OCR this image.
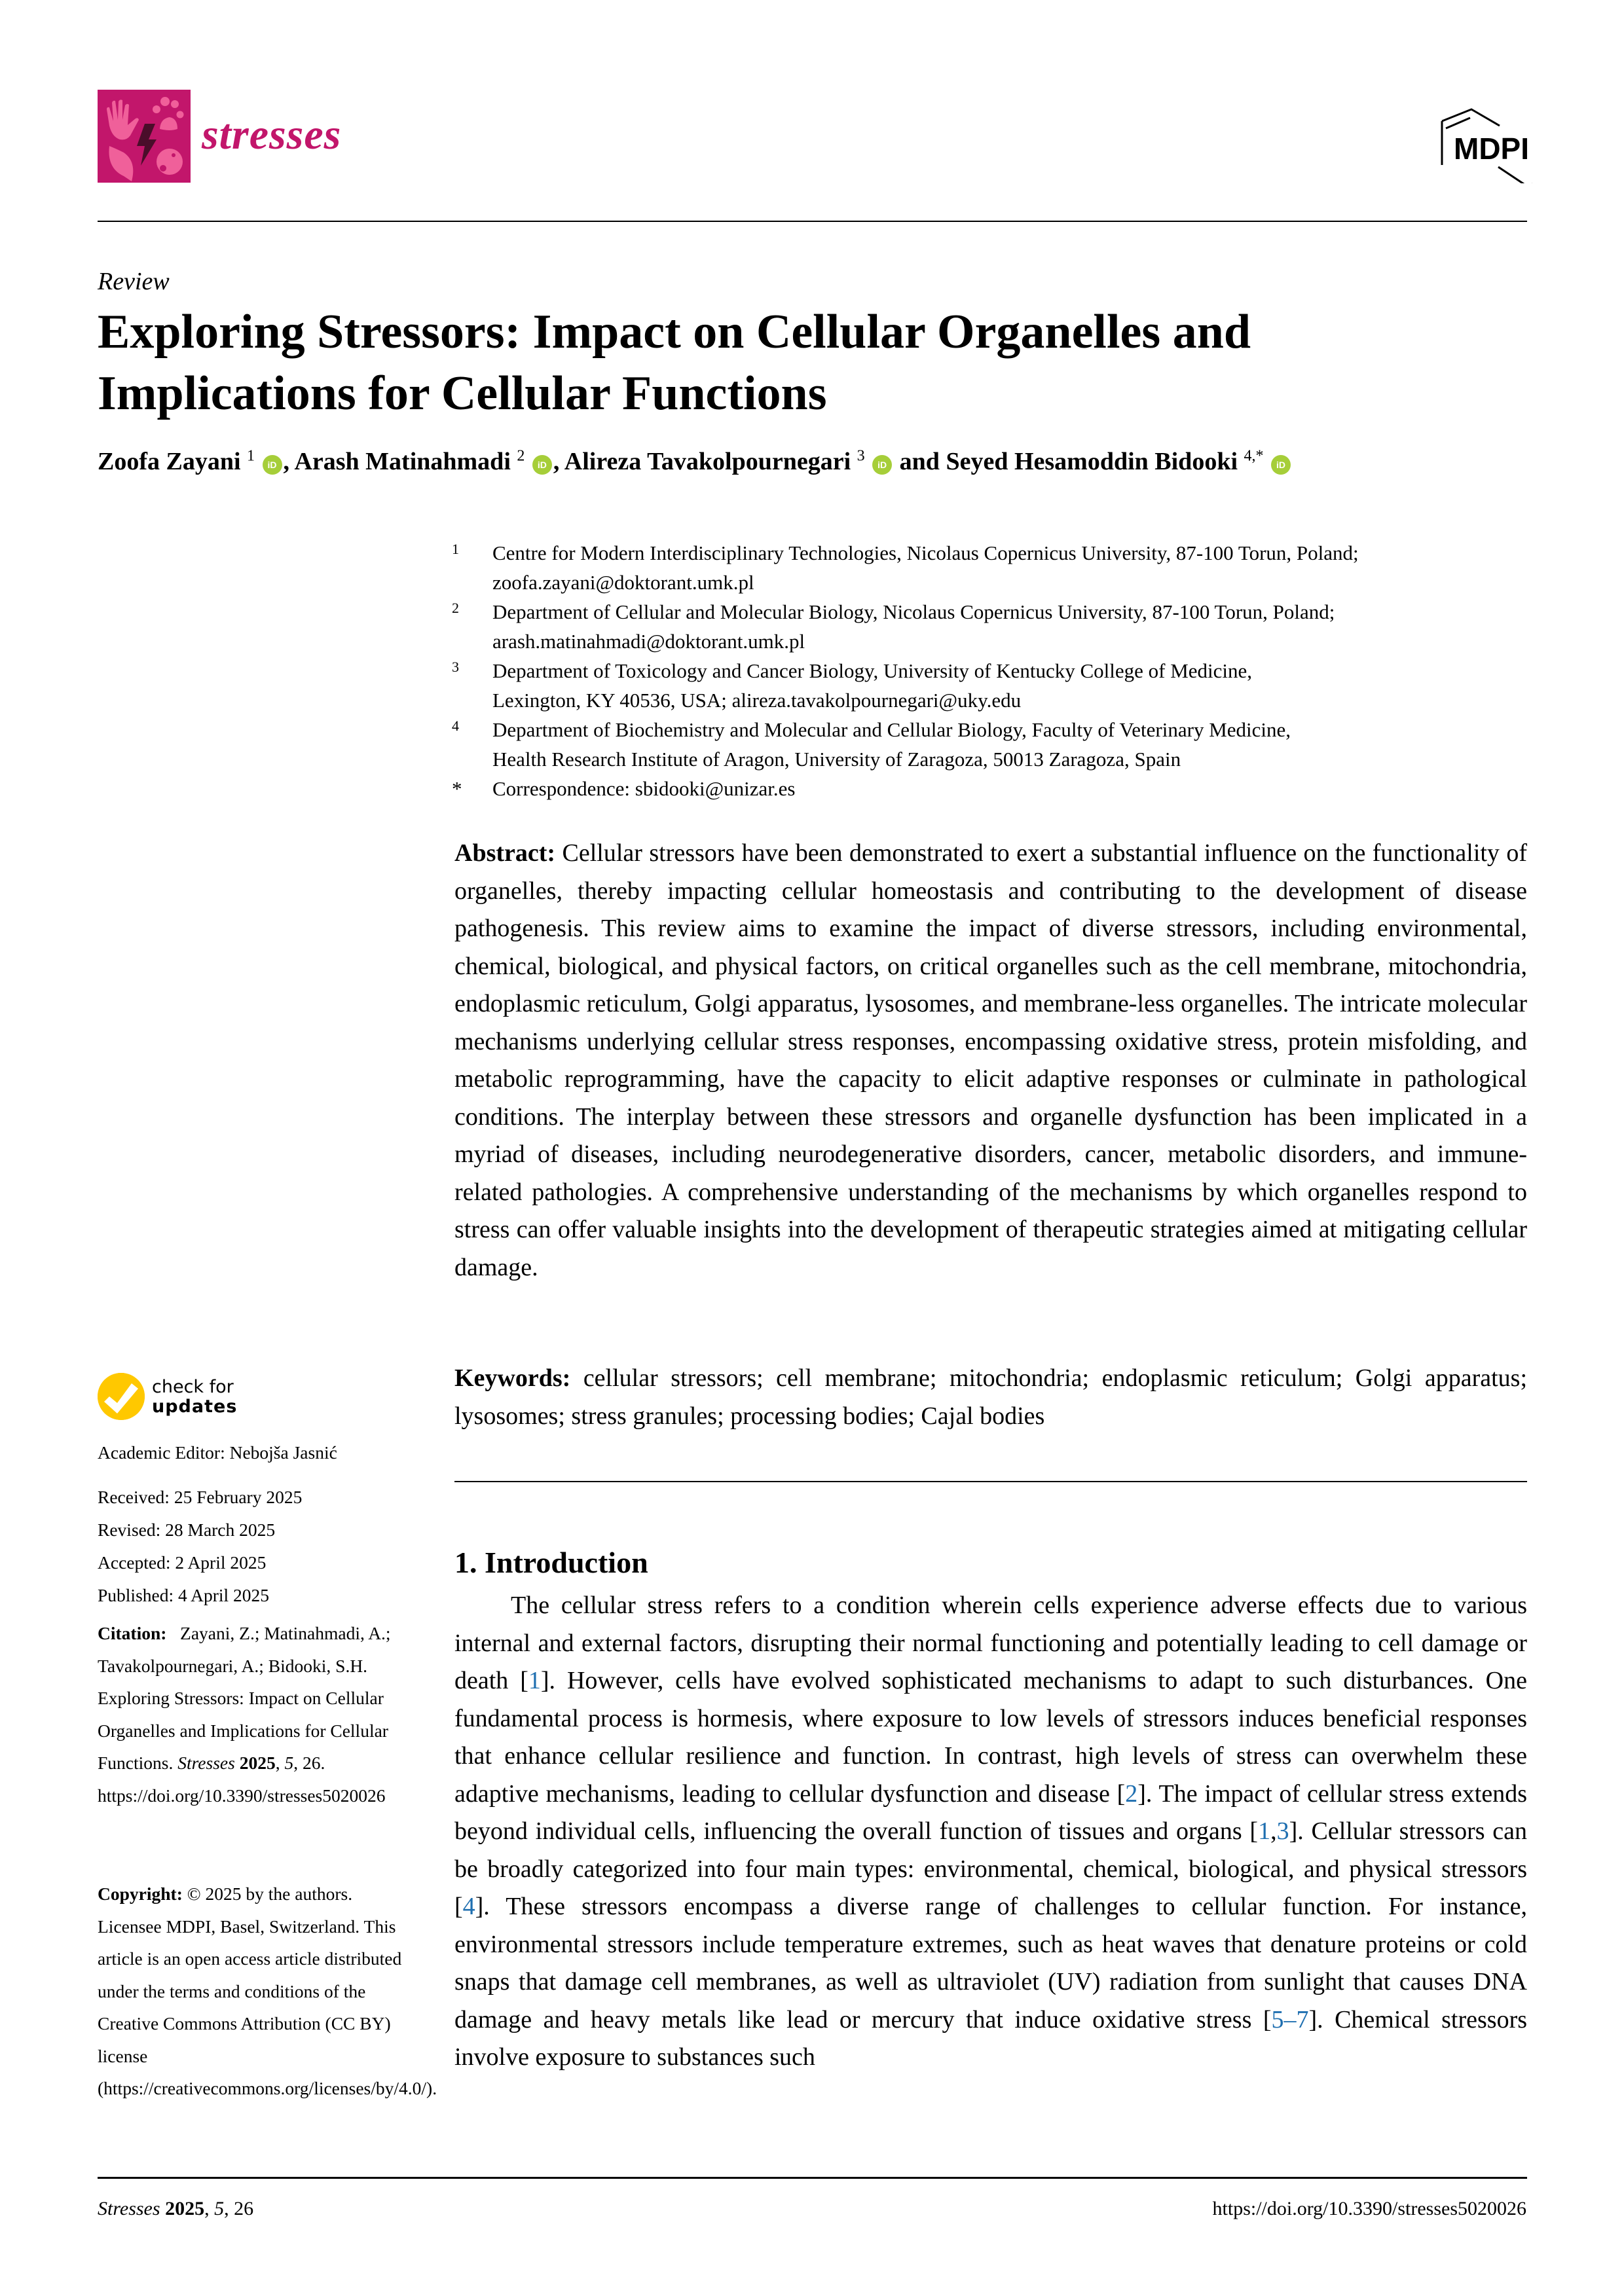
stresses	MDPI
Review
Exploring Stressors: Impact on Cellular Organelles and
Implications for Cellular Functions
Zoofa Zayani $^1$ iD , Arash Matinahmadi $^2$ iD , Alireza Tavakolpournegari $^3$ iD and Seyed Hesamoddin Bidooki $^{4,*}$ iD
1 Centre for Modern Interdisciplinary Technologies, Nicolaus Copernicus University, 87-100 Torun, Poland;
zoofa.zayani@doktorant.umk.pl
2 Department of Cellular and Molecular Biology, Nicolaus Copernicus University, 87-100 Torun, Poland;
arash.matinahmadi@doktorant.umk.pl
3 Department of Toxicology and Cancer Biology, University of Kentucky College of Medicine,
Lexington, KY 40536, USA; alireza.tavakolpournegari@uky.edu
4 Department of Biochemistry and Molecular and Cellular Biology, Faculty of Veterinary Medicine,
Health Research Institute of Aragon, University of Zaragoza, 50013 Zaragoza, Spain
* Correspondence: sbidooki@unizar.es
Abstract: Cellular stressors have been demonstrated to exert a substantial influence on the functionality of organelles, thereby impacting cellular homeostasis and contributing to the development of disease pathogenesis. This review aims to examine the impact of diverse stressors, including environmental, chemical, biological, and physical factors, on critical organelles such as the cell membrane, mitochondria, endoplasmic reticulum, Golgi apparatus, lysosomes, and membrane-less organelles. The intricate molecular mechanisms underlying cellular stress responses, encompassing oxidative stress, protein misfolding, and metabolic reprogramming, have the capacity to elicit adaptive responses or culminate in pathological conditions. The interplay between these stressors and organelle dysfunction has been implicated in a myriad of diseases, including neurodegenerative disorders, cancer, metabolic disorders, and immune-related pathologies. A comprehensive understanding of the mechanisms by which organelles respond to stress can offer valuable insights into the development of therapeutic strategies aimed at mitigating cellular damage.
Keywords: cellular stressors; cell membrane; mitochondria; endoplasmic reticulum; Golgi apparatus; lysosomes; stress granules; processing bodies; Cajal bodies
1. Introduction
The cellular stress refers to a condition wherein cells experience adverse effects due to various internal and external factors, disrupting their normal functioning and potentially leading to cell damage or death [1]. However, cells have evolved sophisticated mechanisms to adapt to such disturbances. One fundamental process is hormesis, where exposure to low levels of stressors induces beneficial responses that enhance cellular resilience and function. In contrast, high levels of stress can overwhelm these adaptive mechanisms, leading to cellular dysfunction and disease [2]. The impact of cellular stress extends beyond individual cells, influencing the overall function of tissues and organs [1,3]. Cellular stressors can be broadly categorized into four main types: environmental, chemical, biological, and physical stressors [4]. These stressors encompass a diverse range of challenges to cellular function. For instance, environmental stressors include temperature extremes, such as heat waves that denature proteins or cold snaps that damage cell membranes, as well as ultraviolet (UV) radiation from sunlight that causes DNA damage and heavy metals like lead or mercury that induce oxidative stress [5–7]. Chemical stressors involve exposure to substances such
check for
updates
Academic Editor: Nebojša Jasnić
Received: 25 February 2025
Revised: 28 March 2025
Accepted: 2 April 2025
Published: 4 April 2025
Citation: Zayani, Z.; Matinahmadi, A.; Tavakolpournegari, A.; Bidooki, S.H. Exploring Stressors: Impact on Cellular Organelles and Implications for Cellular Functions. Stresses 2025, 5, 26. https://doi.org/10.3390/stresses5020026
Copyright: © 2025 by the authors. Licensee MDPI, Basel, Switzerland. This article is an open access article distributed under the terms and conditions of the Creative Commons Attribution (CC BY) license (https://creativecommons.org/licenses/by/4.0/).
Stresses 2025, 5, 26	https://doi.org/10.3390/stresses5020026
